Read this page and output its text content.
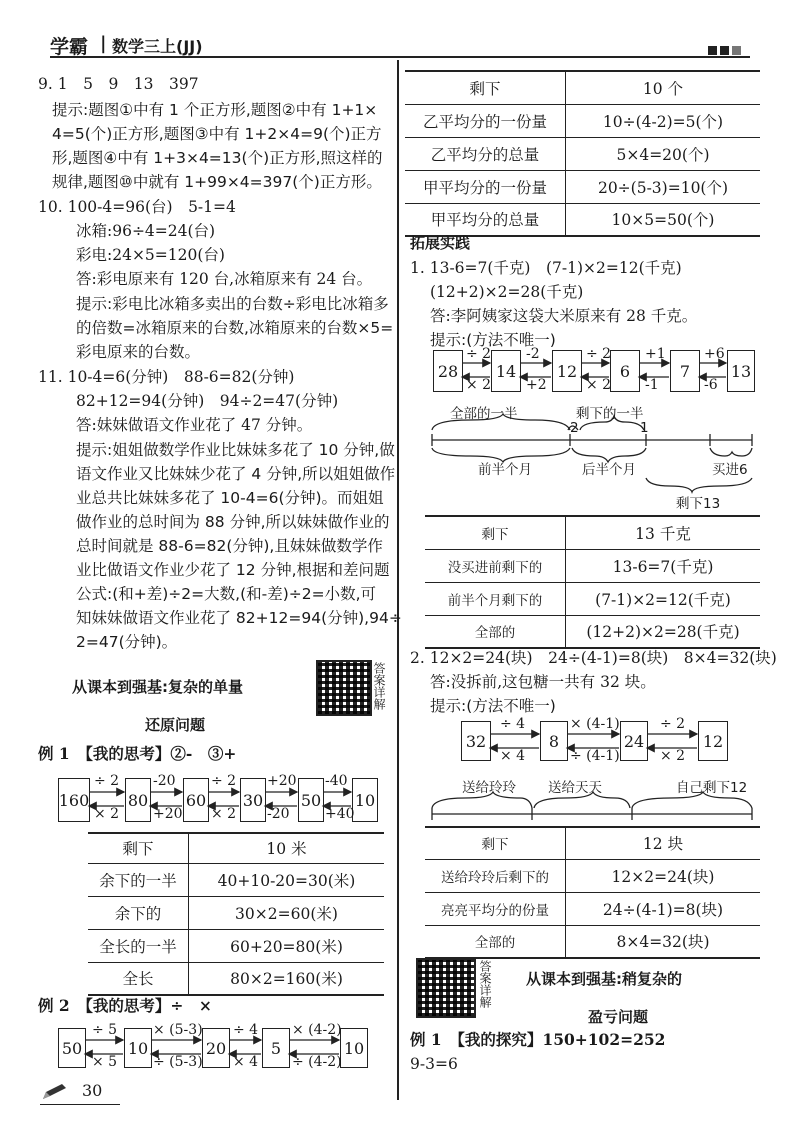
学霸 | 数学三上(JJ)
9. 1　5　9　13　397
提示:题图①中有 1 个正方形,题图②中有 1+1×
4=5(个)正方形,题图③中有 1+2×4=9(个)正方
形,题图④中有 1+3×4=13(个)正方形,照这样的
规律,题图⑩中就有 1+99×4=397(个)正方形。
10. 100-4=96(台)　5-1=4
冰箱:96÷4=24(台)
彩电:24×5=120(台)
答:彩电原来有 120 台,冰箱原来有 24 台。
提示:彩电比冰箱多卖出的台数÷彩电比冰箱多
的倍数=冰箱原来的台数,冰箱原来的台数×5=
彩电原来的台数。
11. 10-4=6(分钟)　88-6=82(分钟)
82+12=94(分钟)　94÷2=47(分钟)
答:妹妹做语文作业花了 47 分钟。
提示:姐姐做数学作业比妹妹多花了 10 分钟,做
语文作业又比妹妹少花了 4 分钟,所以姐姐做作
业总共比妹妹多花了 10-4=6(分钟)。而姐姐
做作业的总时间为 88 分钟,所以妹妹做作业的
总时间就是 88-6=82(分钟),且妹妹做数学作
业比做语文作业少花了 12 分钟,根据和差问题
公式:(和+差)÷2=大数,(和-差)÷2=小数,可
知妹妹做语文作业花了 82+12=94(分钟),94÷
2=47(分钟)。
从课本到强基:复杂的单量
还原问题
答案详解
例 1　【我的思考】②-　③+
160 80 60 30 50 10
÷ 2 -20	÷ 2 +20 -40
× 2 +20 × 2 -20	+40
剩下	10 米
余下的一半	40+10-20=30(米)
余下的	30×2=60(米)
全长的一半	60+20=80(米)
全长	80×2=160(米)
例 2　【我的思考】÷　×
50	10	20	5	10
÷ 5	× (5-3) ÷ 4 × (4-2)
× 5	÷ (5-3) × 4 ÷ (4-2)
30
剩下	10 个
乙平均分的一份量	10÷(4-2)=5(个)
乙平均分的总量	5×4=20(个)
甲平均分的一份量	20÷(5-3)=10(个)
甲平均分的总量	10×5=50(个)
拓展实践
1. 13-6=7(千克)　(7-1)×2=12(千克)
(12+2)×2=28(千克)
答:李阿姨家这袋大米原来有 28 千克。
提示:(方法不唯一)
28	14	12	6	7	13
÷ 2 -2	÷ 2 +1	+6
× 2 +2	× 2 -1	-6
全部的一半	剩下的一半
2	1
前半个月	后半个月	买进6
剩下13
剩下	13 千克
没买进前剩下的	13-6=7(千克)
前半个月剩下的	(7-1)×2=12(千克)
全部的	(12+2)×2=28(千克)
2. 12×2=24(块)　24÷(4-1)=8(块)　8×4=32(块)
答:没拆前,这包糖一共有 32 块。
提示:(方法不唯一)
32	8	24	12
÷ 4	× (4-1)	÷ 2
× 4	÷ (4-1)	× 2
送给玲玲 送给天天	自己剩下12
剩下	12 块
送给玲玲后剩下的	12×2=24(块)
亮亮平均分的份量	24÷(4-1)=8(块)
全部的	8×4=32(块)
答案详解 从课本到强基:稍复杂的
盈亏问题
例 1　【我的探究】150+102=252
9-3=6
